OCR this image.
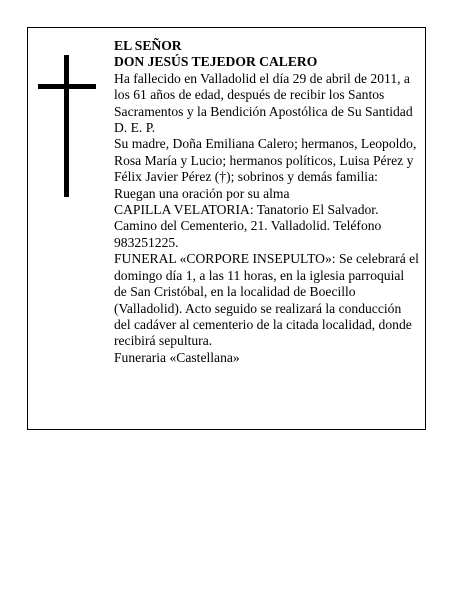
EL SEÑOR
DON JESÚS TEJEDOR CALERO
Ha fallecido en Valladolid el día 29 de abril de 2011, a
los 61 años de edad, después de recibir los Santos
Sacramentos y la Bendición Apostólica de Su Santidad
D. E. P.
Su madre, Doña Emiliana Calero; hermanos, Leopoldo,
Rosa María y Lucio; hermanos políticos, Luisa Pérez y
Félix Javier Pérez (†); sobrinos y demás familia:
Ruegan una oración por su alma
CAPILLA VELATORIA: Tanatorio El Salvador.
Camino del Cementerio, 21. Valladolid. Teléfono
983251225.
FUNERAL «CORPORE INSEPULTO»: Se celebrará el
domingo día 1, a las 11 horas, en la iglesia parroquial
de San Cristóbal, en la localidad de Boecillo
(Valladolid). Acto seguido se realizará la conducción
del cadáver al cementerio de la citada localidad, donde
recibirá sepultura.
Funeraria «Castellana»
